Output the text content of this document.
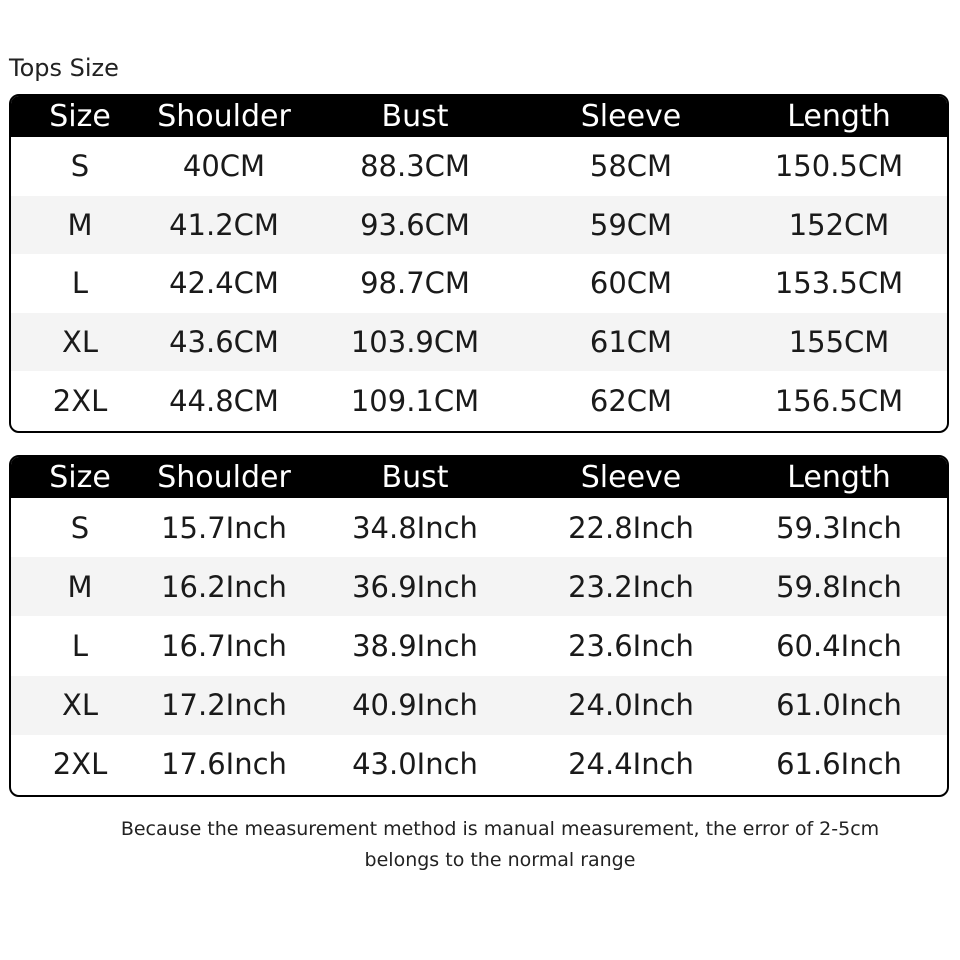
Tops Size
Size	Shoulder	Bust	Sleeve	Length
S	40CM	88.3CM	58CM	150.5CM
M	41.2CM	93.6CM	59CM	152CM
L	42.4CM	98.7CM	60CM	153.5CM
XL	43.6CM	103.9CM	61CM	155CM
2XL	44.8CM	109.1CM	62CM	156.5CM
Size	Shoulder	Bust	Sleeve	Length
S	15.7Inch	34.8Inch	22.8Inch	59.3Inch
M	16.2Inch	36.9Inch	23.2Inch	59.8Inch
L	16.7Inch	38.9Inch	23.6Inch	60.4Inch
XL	17.2Inch	40.9Inch	24.0Inch	61.0Inch
2XL	17.6Inch	43.0Inch	24.4Inch	61.6Inch
Because the measurement method is manual measurement, the error of 2-5cm
belongs to the normal range
